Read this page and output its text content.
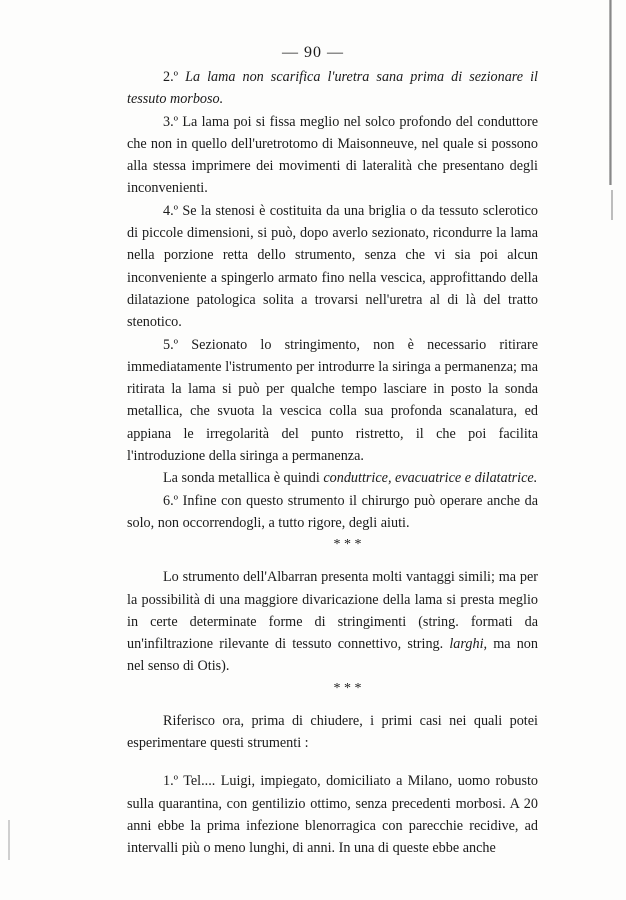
— 90 —

2.º La lama non scarifica l'uretra sana prima di sezionare il tessuto morboso.

3.º La lama poi si fissa meglio nel solco profondo del conduttore che non in quello dell'uretrotomo di Maisonneuve, nel quale si possono alla stessa imprimere dei movimenti di lateralità che presentano degli inconvenienti.

4.º Se la stenosi è costituita da una briglia o da tessuto sclerotico di piccole dimensioni, si può, dopo averlo sezionato, ricondurre la lama nella porzione retta dello strumento, senza che vi sia poi alcun inconveniente a spingerlo armato fino nella vescica, approfittando della dilatazione patologica solita a trovarsi nell'uretra al di là del tratto stenotico.

5.º Sezionato lo stringimento, non è necessario ritirare immediatamente l'istrumento per introdurre la siringa a permanenza; ma ritirata la lama si può per qualche tempo lasciare in posto la sonda metallica, che svuota la vescica colla sua profonda scanalatura, ed appiana le irregolarità del punto ristretto, il che poi facilita l'introduzione della siringa a permanenza.

La sonda metallica è quindi conduttrice, evacuatrice e dilatatrice.

6.º Infine con questo strumento il chirurgo può operare anche da solo, non occorrendogli, a tutto rigore, degli aiuti.

* * *

Lo strumento dell'Albarran presenta molti vantaggi simili; ma per la possibilità di una maggiore divaricazione della lama si presta meglio in certe determinate forme di stringimenti (string. formati da un'infiltrazione rilevante di tessuto connettivo, string. larghi, ma non nel senso di Otis).

* * *

Riferisco ora, prima di chiudere, i primi casi nei quali potei esperimentare questi strumenti :

1.º Tel.... Luigi, impiegato, domiciliato a Milano, uomo robusto sulla quarantina, con gentilizio ottimo, senza precedenti morbosi. A 20 anni ebbe la prima infezione blenorragica con parecchie recidive, ad intervalli più o meno lunghi, di anni. In una di queste ebbe anche
